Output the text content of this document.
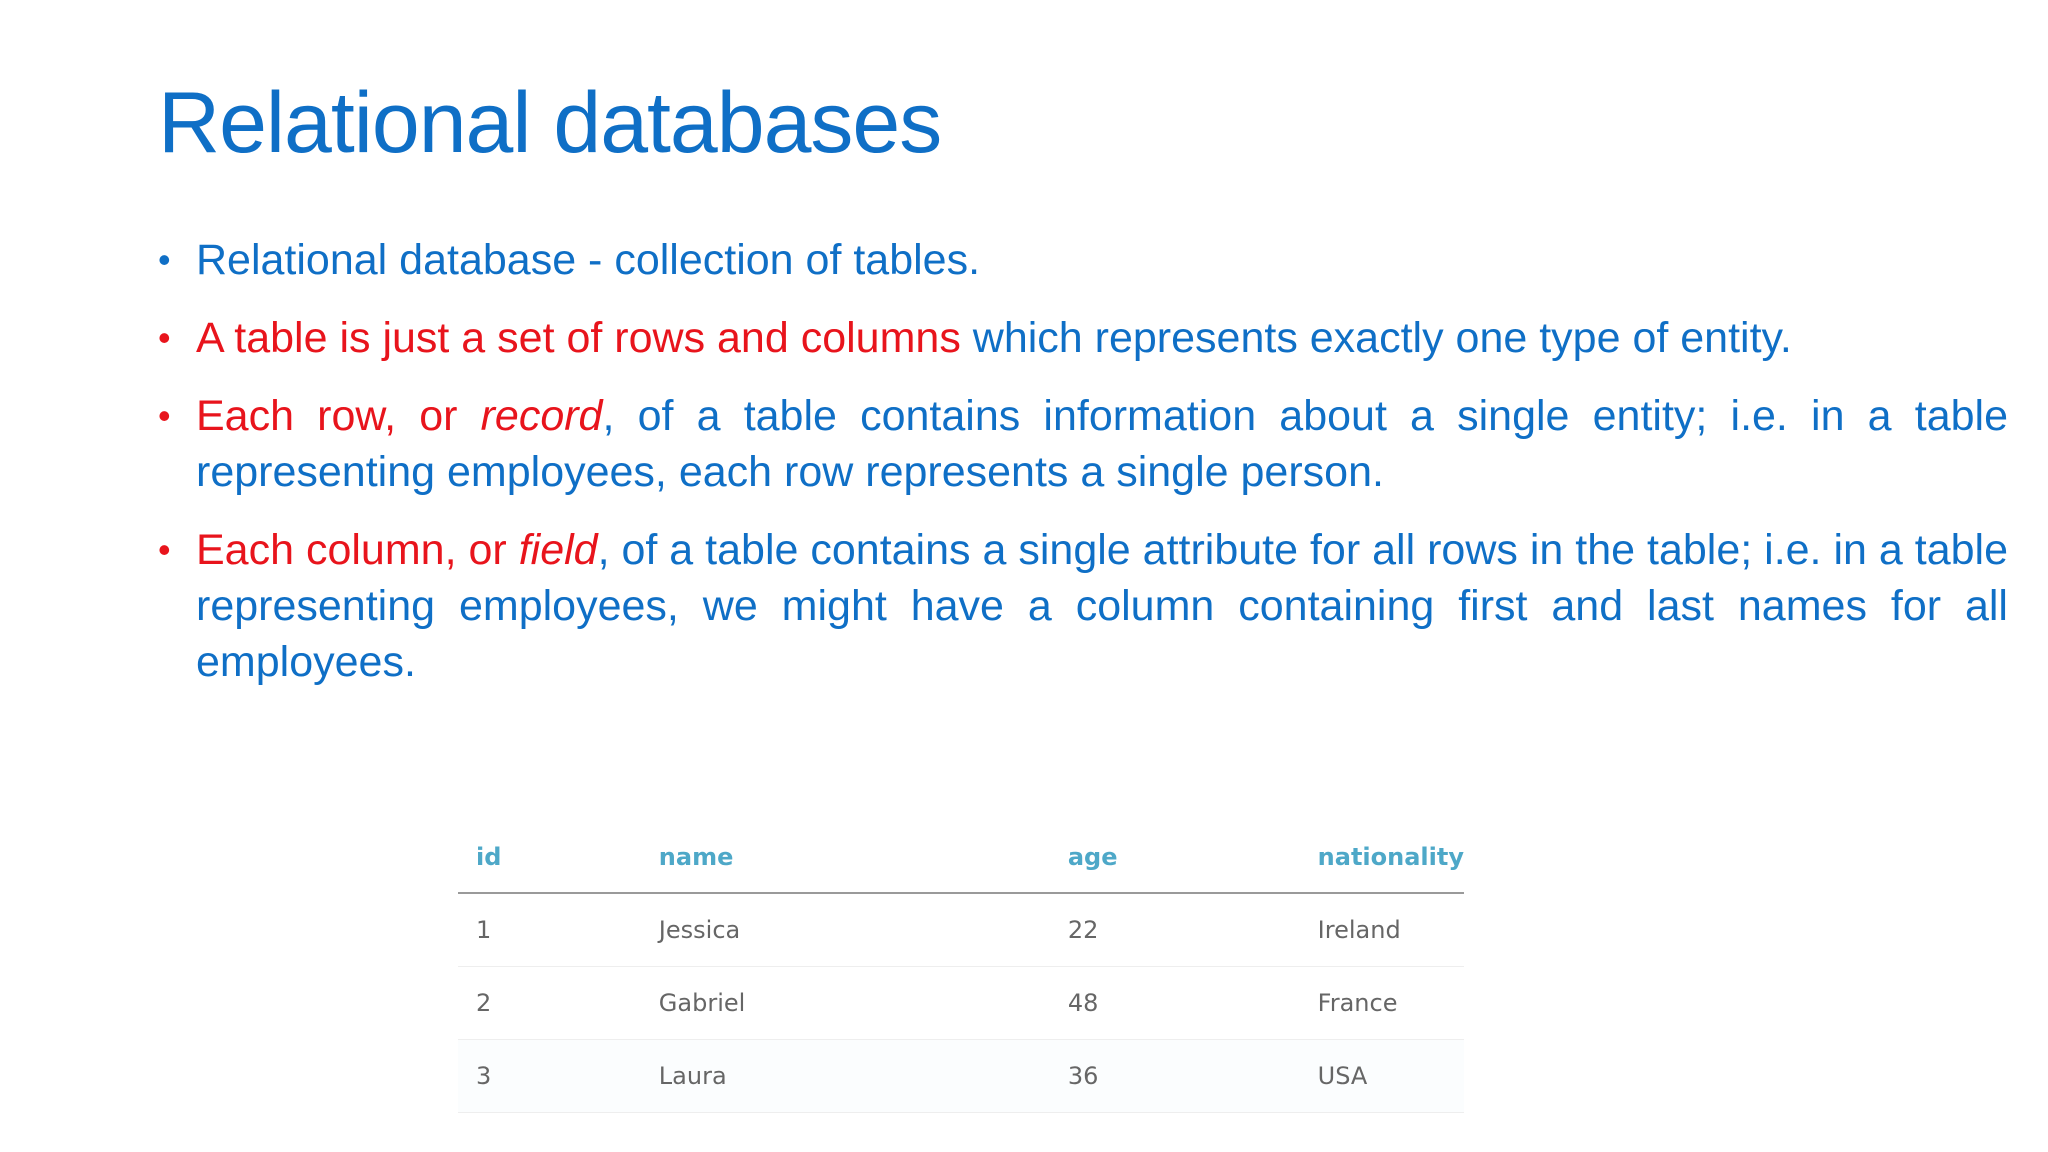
Relational databases
• Relational database - collection of tables.
• A table is just a set of rows and columns which represents exactly one type of entity.
• Each row, or record, of a table contains information about a single entity; i.e. in a table representing employees, each row represents a single person.
• Each column, or field, of a table contains a single attribute for all rows in the table; i.e. in a table representing employees, we might have a column containing first and last names for all employees.
id	name	age	nationality
1	Jessica	22	Ireland
2	Gabriel	48	France
3	Laura	36	USA
